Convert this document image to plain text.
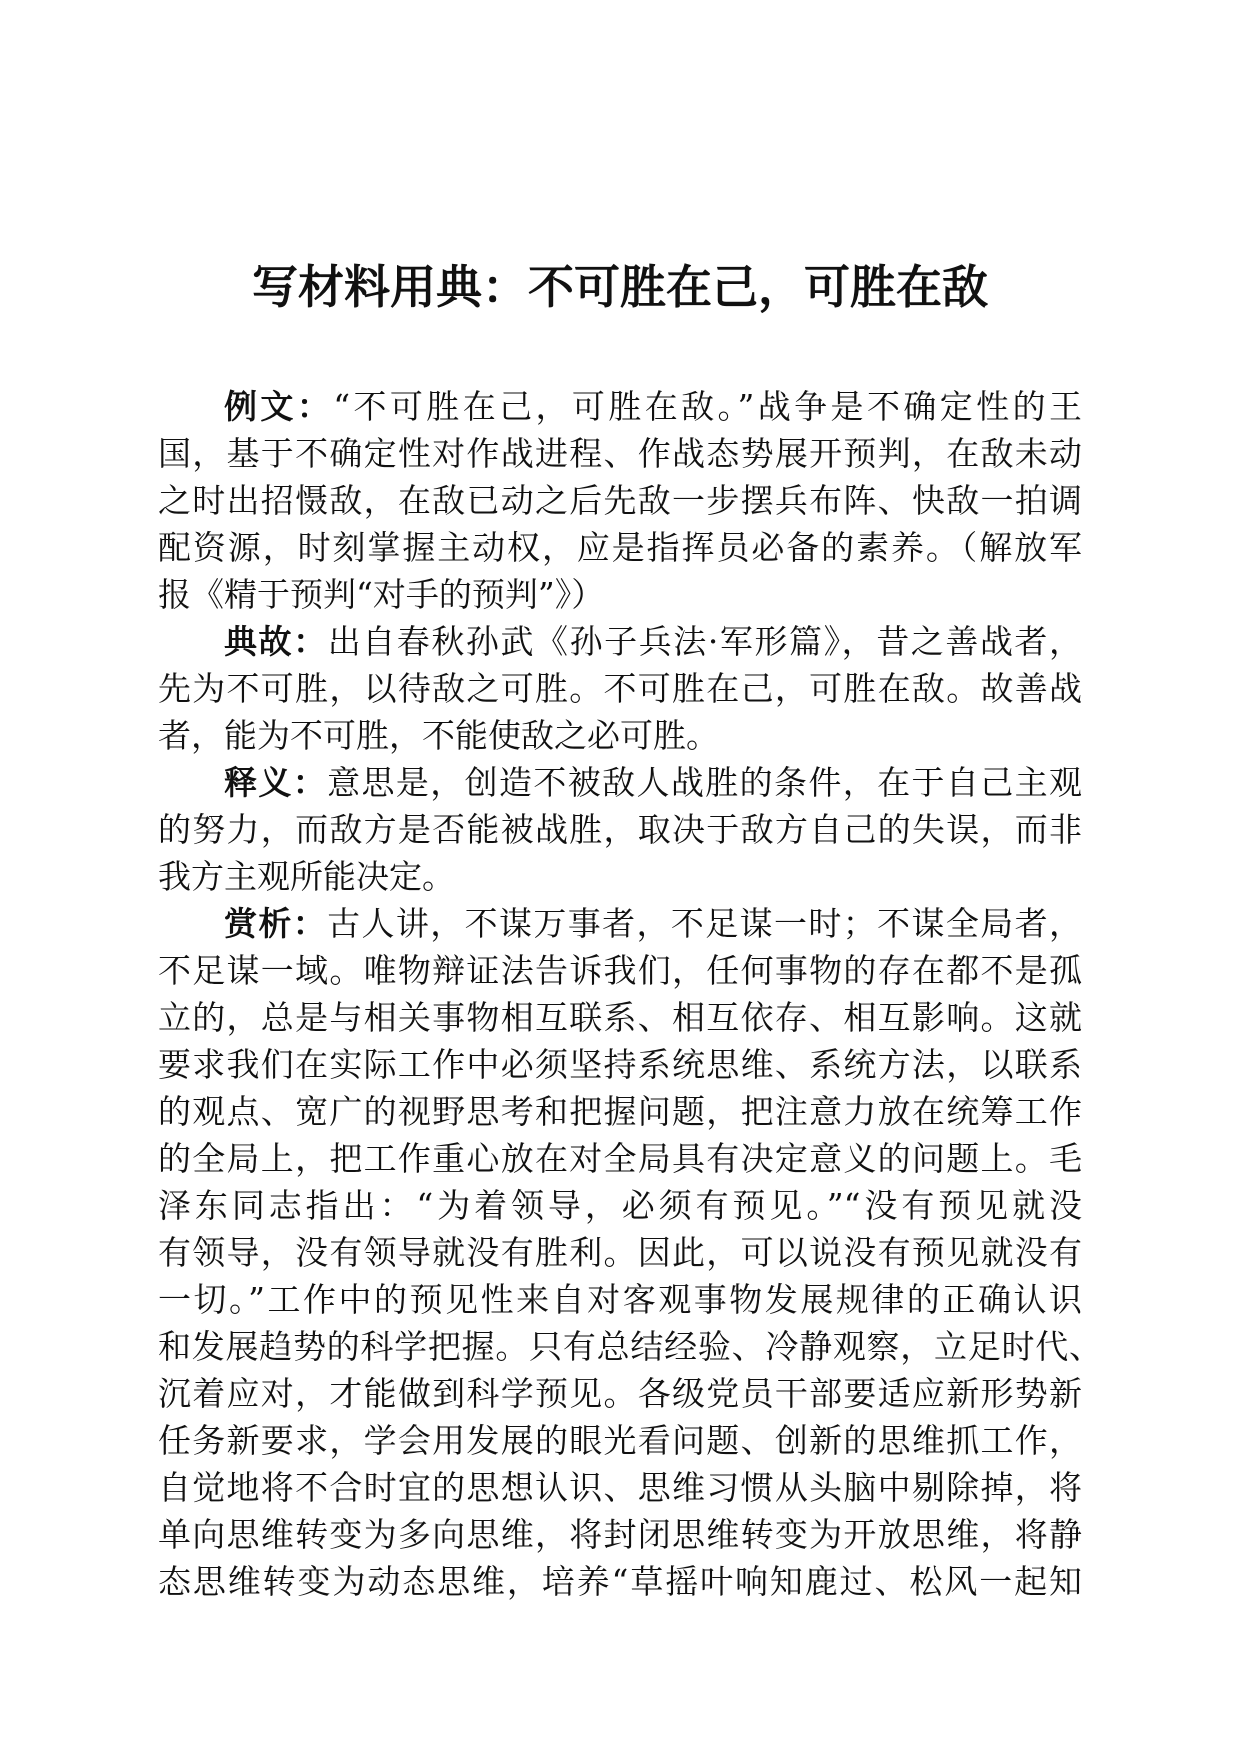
写材料用典：不可胜在己，可胜在敌
例文：“不可胜在己，可胜在敌。”战争是不确定性的王
国，基于不确定性对作战进程、作战态势展开预判，在敌未动
之时出招慑敌，在敌已动之后先敌一步摆兵布阵、快敌一拍调
配资源，时刻掌握主动权，应是指挥员必备的素养。（解放军
报《精于预判“对手的预判”》）
典故：出自春秋孙武《孙子兵法·军形篇》，昔之善战者，
先为不可胜，以待敌之可胜。不可胜在己，可胜在敌。故善战
者，能为不可胜，不能使敌之必可胜。
释义：意思是，创造不被敌人战胜的条件，在于自己主观
的努力，而敌方是否能被战胜，取决于敌方自己的失误，而非
我方主观所能决定。
赏析：古人讲，不谋万事者，不足谋一时；不谋全局者，
不足谋一域。唯物辩证法告诉我们，任何事物的存在都不是孤
立的，总是与相关事物相互联系、相互依存、相互影响。这就
要求我们在实际工作中必须坚持系统思维、系统方法，以联系
的观点、宽广的视野思考和把握问题，把注意力放在统筹工作
的全局上，把工作重心放在对全局具有决定意义的问题上。毛
泽东同志指出：“为着领导，必须有预见。”“没有预见就没
有领导，没有领导就没有胜利。因此，可以说没有预见就没有
一切。”工作中的预见性来自对客观事物发展规律的正确认识
和发展趋势的科学把握。只有总结经验、冷静观察，立足时代、
沉着应对，才能做到科学预见。各级党员干部要适应新形势新
任务新要求，学会用发展的眼光看问题、创新的思维抓工作，
自觉地将不合时宜的思想认识、思维习惯从头脑中剔除掉，将
单向思维转变为多向思维，将封闭思维转变为开放思维，将静
态思维转变为动态思维，培养“草摇叶响知鹿过、松风一起知
